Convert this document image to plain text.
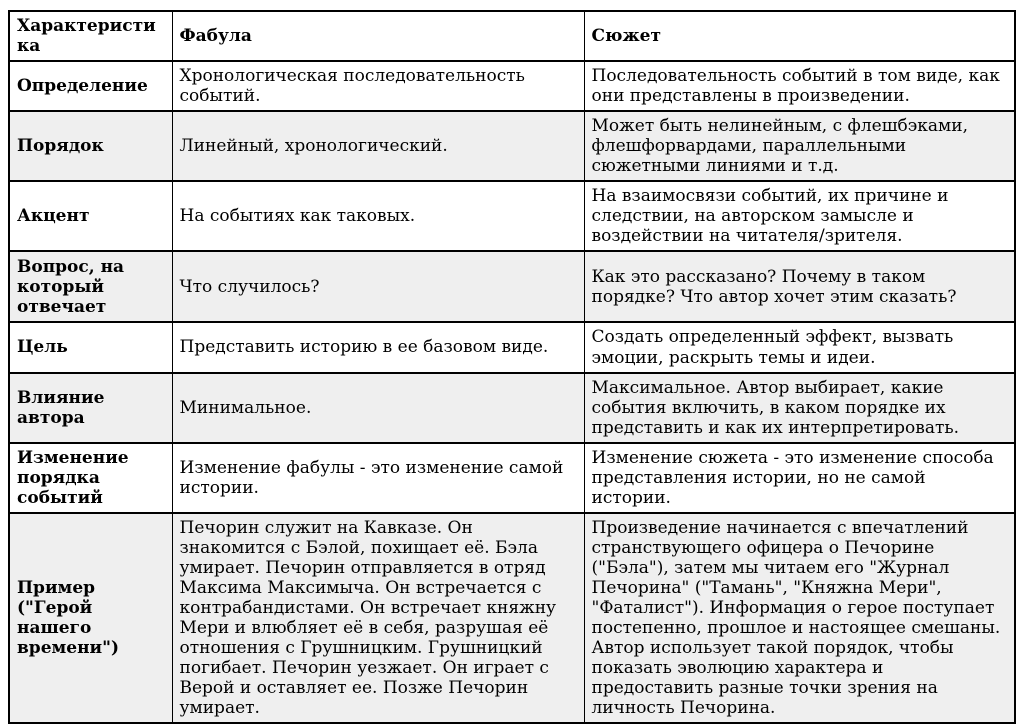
Характеристика	Фабула	Сюжет
Определение	Хронологическая последовательность событий.	Последовательность событий в том виде, как они представлены в произведении.
Порядок	Линейный, хронологический.	Может быть нелинейным, с флешбэками, флешфорвардами, параллельными сюжетными линиями и т.д.
Акцент	На событиях как таковых.	На взаимосвязи событий, их причине и следствии, на авторском замысле и воздействии на читателя/зрителя.
Вопрос, на который отвечает	Что случилось?	Как это рассказано? Почему в таком порядке? Что автор хочет этим сказать?
Цель	Представить историю в ее базовом виде.	Создать определенный эффект, вызвать эмоции, раскрыть темы и идеи.
Влияние автора	Минимальное.	Максимальное. Автор выбирает, какие события включить, в каком порядке их представить и как их интерпретировать.
Изменение порядка событий	Изменение фабулы - это изменение самой истории.	Изменение сюжета - это изменение способа представления истории, но не самой истории.
Пример ("Герой нашего времени")	Печорин служит на Кавказе. Он знакомится с Бэлой, похищает её. Бэла умирает. Печорин отправляется в отряд Максима Максимыча. Он встречается с контрабандистами. Он встречает княжну Мери и влюбляет её в себя, разрушая её отношения с Грушницким. Грушницкий погибает. Печорин уезжает. Он играет с Верой и оставляет ее. Позже Печорин умирает.	Произведение начинается с впечатлений странствующего офицера о Печорине ("Бэла"), затем мы читаем его "Журнал Печорина" ("Тамань", "Княжна Мери", "Фаталист"). Информация о герое поступает постепенно, прошлое и настоящее смешаны. Автор использует такой порядок, чтобы показать эволюцию характера и предоставить разные точки зрения на личность Печорина.
